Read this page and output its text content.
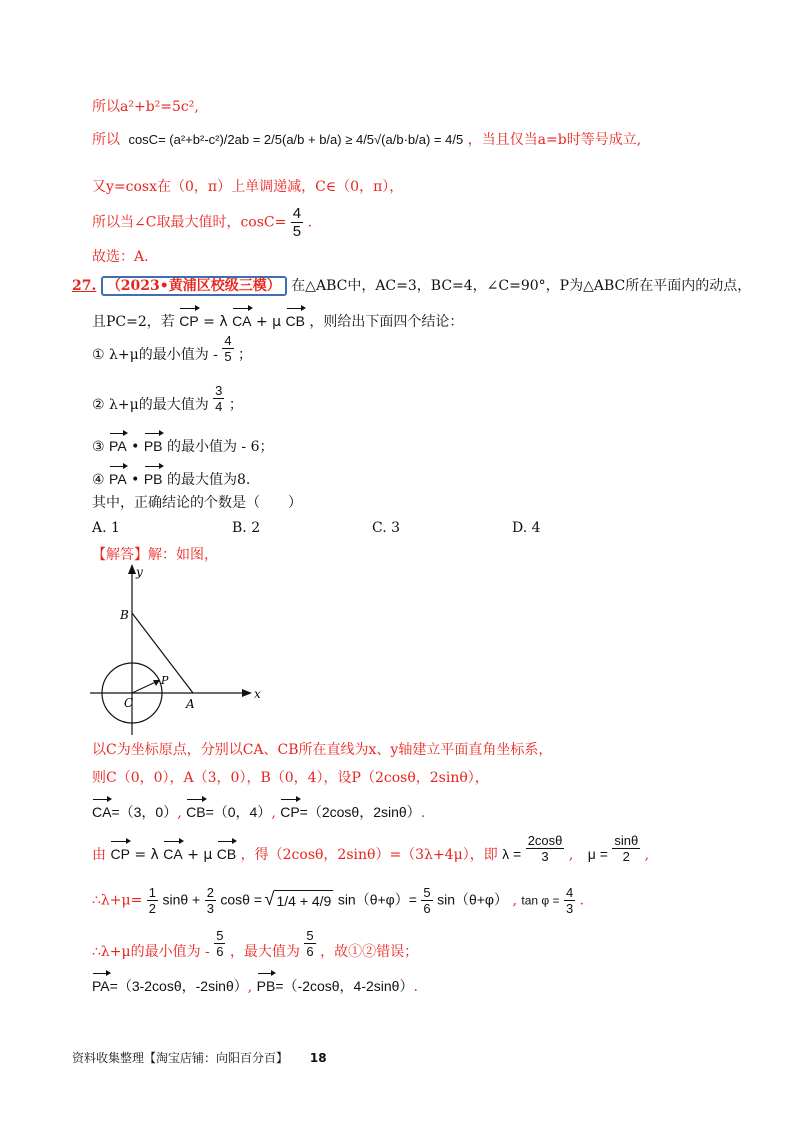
所以a²+b²=5c²,
所以 cosC= (a²+b²-c²)/2ab = 2/5(a/b + b/a) ≥ 4/5√(a/b·b/a) = 4/5 ，当且仅当a=b时等号成立,
又y=cosx在（0，π）上单调递减，C∈（0，π），
所以当∠C取最大值时，$\cos C= \frac{4}{5}$ .
故选：A.
27. （2023•黄浦区校级三模） 在△ABC中，AC=3，BC=4，∠C=90°，P为△ABC所在平面内的动点，
且PC=2，若 CP = λ CA + μ CB ，则给出下面四个结论：
① λ+μ的最小值为 - $\frac{4}{5}$ ；
② λ+μ的最大值为 $\frac{3}{4}$ ；
③ PA • PB 的最小值为 - 6；
④ PA • PB 的最大值为8.
其中，正确结论的个数是（　　）
A. 1	B. 2	C. 3	D. 4
【解答】解：如图，
y
x
B
C	A
P
以C为坐标原点，分别以CA、CB所在直线为x、y轴建立平面直角坐标系，
则C（0，0），A（3，0），B（0，4），设P（2cosθ，2sinθ），
CA=（3，0）, CB=（0，4）, CP=（2cosθ，2sinθ）.
由 CP = λ CA + μ CB ，得（2cosθ，2sinθ）=（3λ+4μ），即 $\lambda = \frac{2\cos\theta}{3}$ , $\mu = \frac{\sin\theta}{2}$ ,
∴λ+μ= $\frac{1}{2}$ $\sin\theta + \frac{2}{3}$ cosθ = √ 1/4 + 4/9 $\sin(\theta+\varphi)= \frac{5}{6} \sin(\theta+\varphi)$ , $\tan \varphi = \frac{4}{3}$ .
∴λ+μ的最小值为 - $\frac{5}{6}$ ，最大值为 $\frac{5}{6}$ ，故①②错误；
PA=（3-2cosθ，-2sinθ）, PB=（-2cosθ，4-2sinθ）.
资料收集整理【淘宝店铺：向阳百分百】 18
